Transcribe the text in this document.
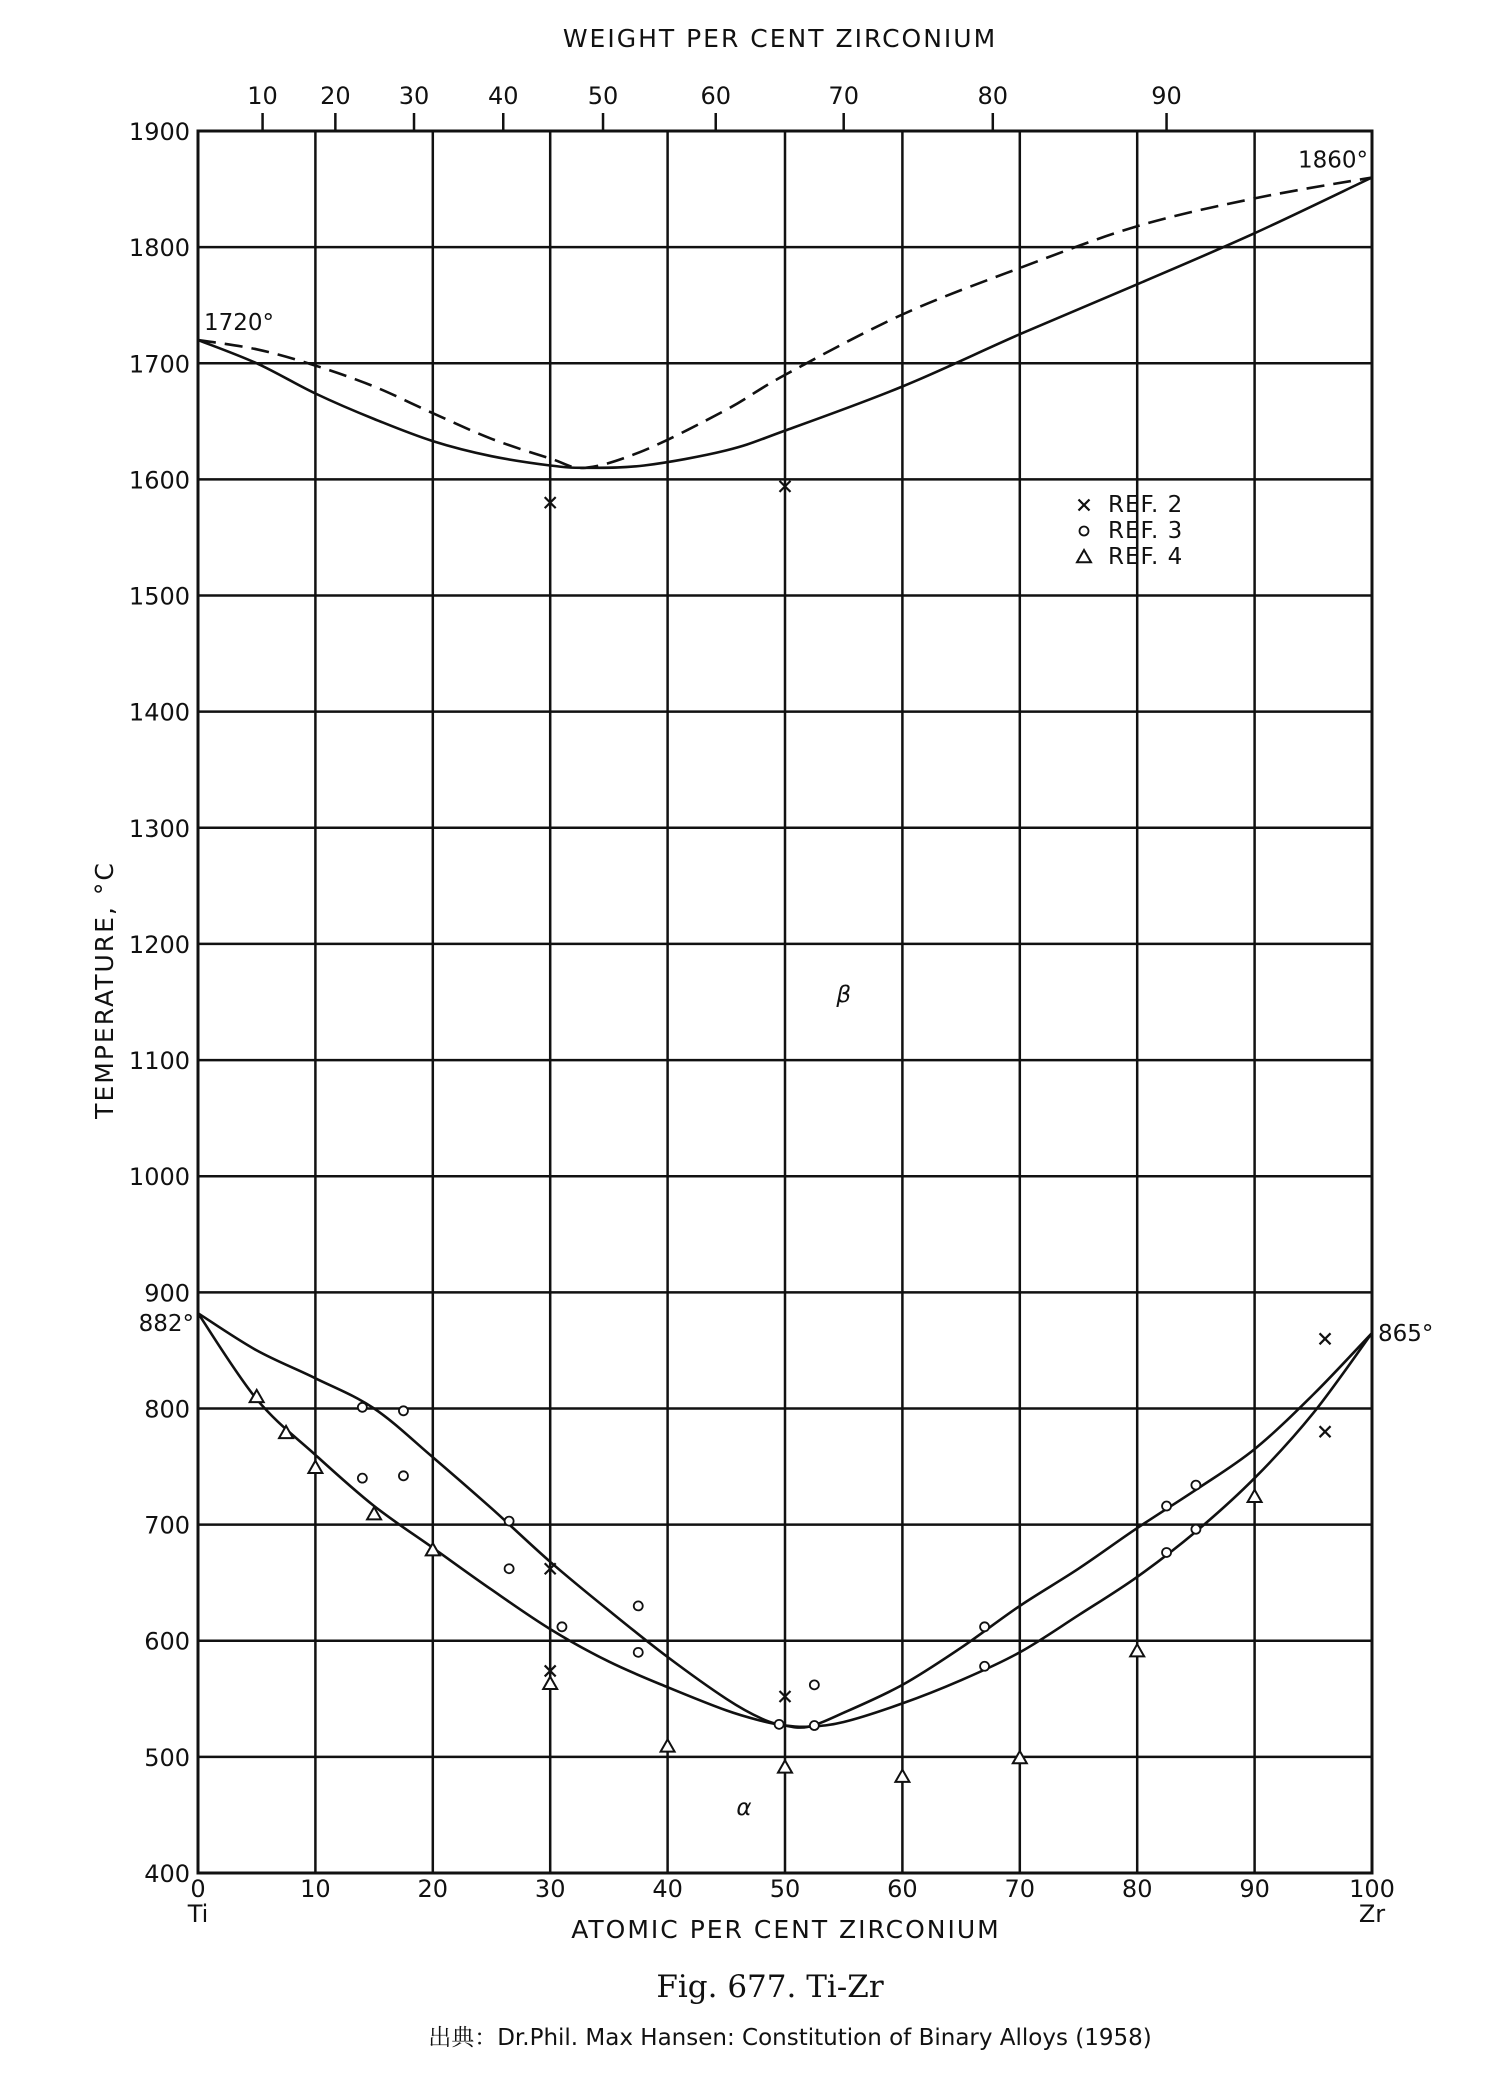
0	10	20	30	40	50	60	70	80	90	100
400
500
600
700
800
900
1000
1100
1200
1300
1400
1500
1600
1700
1800
1900
10 20 30 40	50	60	70	80	90
1720°
1860°
882°	865°
β
α
REF. 2
REF. 3
REF. 4
WEIGHT PER CENT ZIRCONIUM
ATOMIC PER CENT ZIRCONIUM
TEMPERATURE, °C
Ti	Zr
Fig. 677. Ti-Zr
出典：Dr.Phil. Max Hansen: Constitution of Binary Alloys (1958)
